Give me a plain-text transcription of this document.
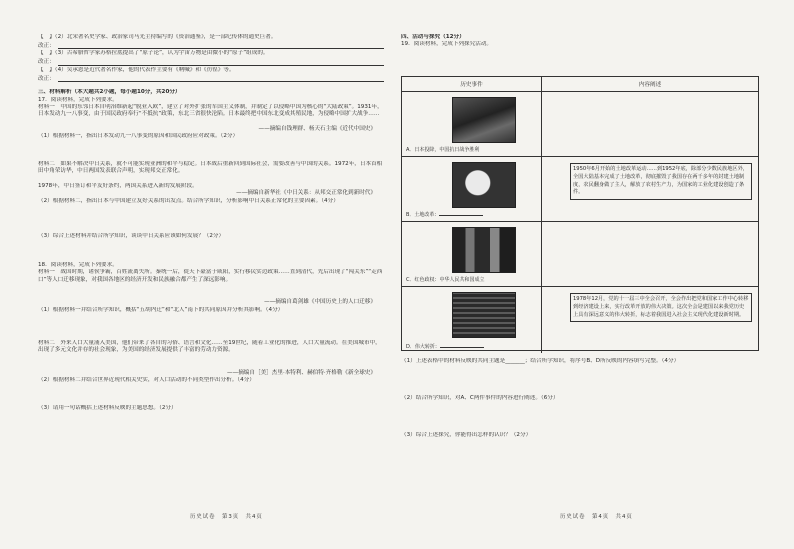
【　】（2）北宋著名史学家、政治家司马光主持编写的《资治通鉴》，是一部纪传体的通史巨著。
改正：
【　】（3）古希腊哲学家苏格拉底提出了“原子论”，认为宇宙万物是由微小的“原子”组成的。
改正：
【　】（4）吴承恩是近代著名作家，他的代表作主要有《吶喊》和《彷徨》等。
改正：
三、材料解析（本大题共2小题，每小题10分，共20分）
17．阅读材料，完成下列要求。
材料一　中国的东邻日本自明治维新起“脱亚入欧”，建立了对外扩张的军国主义体制，并制定了以侵略中国为核心的“大陆政策”。1931年，日本发动九一八事变，由于国民政府奉行“不抵抗”政策，东北三省很快沦陷。日本最终把中国东北变成其殖民地，为侵略中国扩大战争……
——摘编自钱理群、杨天石主编《近代中国史》
（1）根据材料一，指出日本发动九一八事变的原因和国民政府应对政策。（2分）
材料二　如果不解决中日关系，就不可能实现亚洲的和平与稳定。日本战后重新回到国际社会，需要改善与中国的关系。1972年，日本首相田中角荣访华，中日两国发表联合声明，实现邦交正常化。
1978年，中日签订和平友好条约，两国关系进入新的发展阶段。
——摘编自新华社《中日关系：从邦交正常化到新时代》
（2）根据材料二，指出日本与中国建立友好关系的出发点。结合所学知识，分析影响中日关系正常化的主要因素。（4分）
（3）综合上述材料并结合所学知识，谈谈中日关系应该如何发展？（2分）
18．阅读材料，完成下列要求。
材料一　战国时期，诸侯争霸，百姓流离失所。秦统一后，徙天下豪富于咸阳，实行移民实边政策……直到清代，先后出现了“闯关东”“走西口”等人口迁移现象，对我国各地区的经济开发和民族融合都产生了深远影响。
——摘编自葛剑雄《中国历史上的人口迁移》
（1）根据材料一并结合所学知识，概括“五胡内迁”和“北人”南下的共同原因并分析其影响。（4分）
材料二　外来人口大量涌入美国，他们带来了各自的习俗、语言和文化……至19世纪，随着工业化的推进，人口大量流动。在美国城市中，出现了多元文化并存的社会现象，为美国的经济发展提供了丰富的劳动力资源。
——摘编自［美］杰里·本特利、赫伯特·齐格勒《新全球史》
（2）根据材料二并结合世界近现代相关史实，对人口活动的不同类型作出分析。（4分）
（3）请用一句话概括上述材料反映的主题思想。（2分）
历史试卷　第3页　共4页
四、活动与探究（12分）
19．阅读材料，完成下列探究活动。
历史事件	内容阐述
A．日本投降，中国抗日战争胜利
B．土地改革：
1950年6月开始的土地改革运动……到1952年底，除部分少数民族地区外，全国大陆基本完成了土地改革，彻底摧毁了我国存在两千多年的封建土地制度，农民翻身做了主人，解放了农村生产力，为国家的工业化建设创造了条件。
C．红色政权：中华人民共和国成立
D．伟大转折：
1978年12月，党的十一届三中全会召开，全会作出把党和国家工作中心转移到经济建设上来，实行改革开放的伟大决策。这次全会是建国以来我党历史上具有深远意义的伟大转折，标志着我国进入社会主义现代化建设新时期。
（1）上述表格中的材料反映的共同主题是_______；结合所学知识，将序号B、D所反映的内容填写完整。（4分）
（2）结合所学知识，对A、C两件事件的内容进行阐述。（6分）
（3）综合上述探究，你能得出怎样的认识？（2分）
历史试卷　第4页　共4页
